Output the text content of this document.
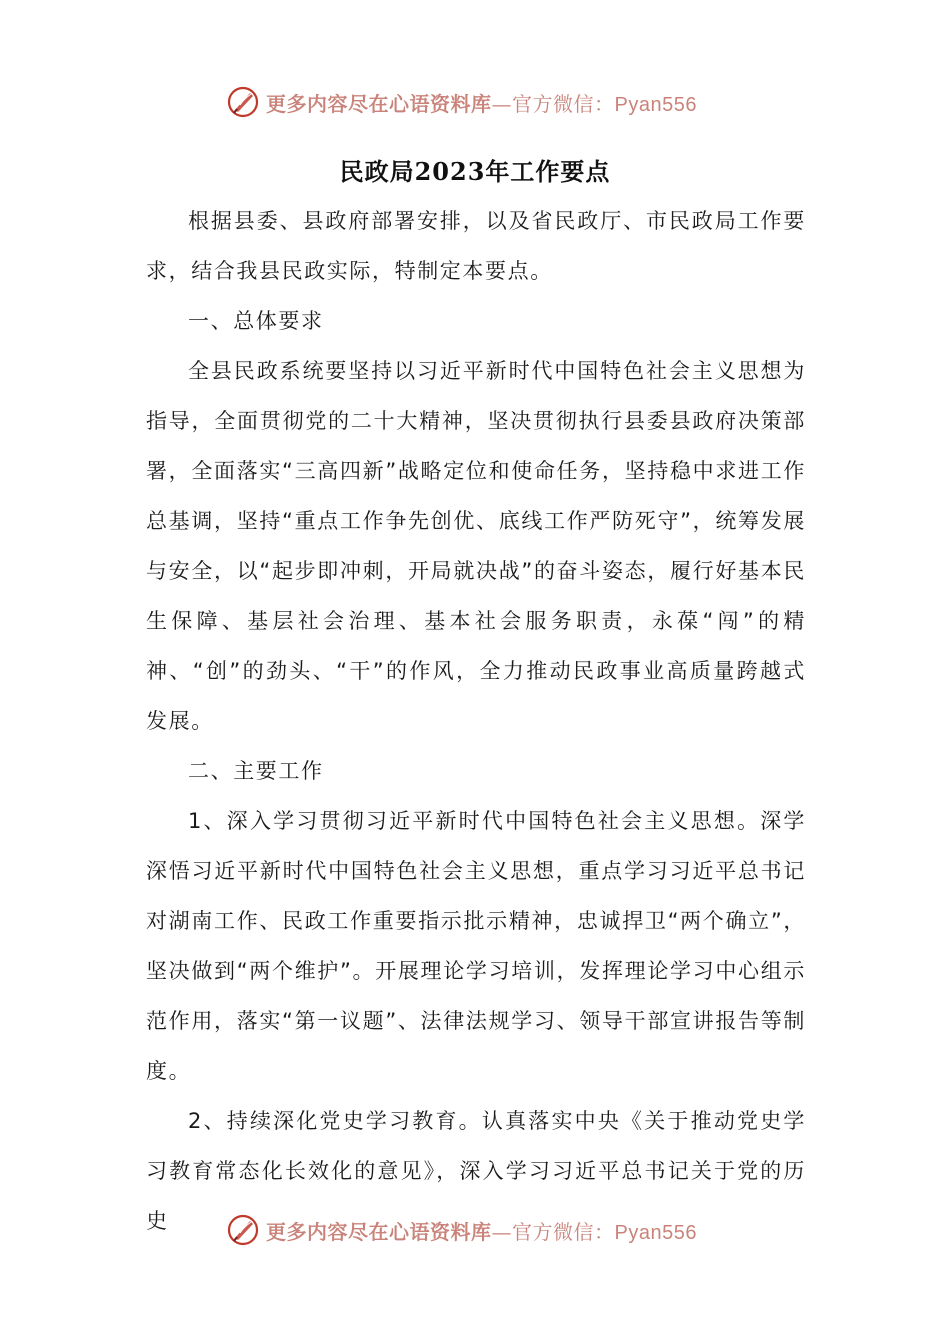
更多内容尽在心语资料库—官方微信：Pyan556
民政局2023年工作要点

根据县委、县政府部署安排，以及省民政厅、市民政局工作要求，结合我县民政实际，特制定本要点。

一、总体要求

全县民政系统要坚持以习近平新时代中国特色社会主义思想为指导，全面贯彻党的二十大精神，坚决贯彻执行县委县政府决策部署，全面落实“三高四新”战略定位和使命任务，坚持稳中求进工作总基调，坚持“重点工作争先创优、底线工作严防死守”，统筹发展与安全，以“起步即冲刺，开局就决战”的奋斗姿态，履行好基本民生保障、基层社会治理、基本社会服务职责，永葆“闯”的精神、“创”的劲头、“干”的作风，全力推动民政事业高质量跨越式发展。

二、主要工作

1、深入学习贯彻习近平新时代中国特色社会主义思想。深学深悟习近平新时代中国特色社会主义思想，重点学习习近平总书记对湖南工作、民政工作重要指示批示精神，忠诚捍卫“两个确立”，坚决做到“两个维护”。开展理论学习培训，发挥理论学习中心组示范作用，落实“第一议题”、法律法规学习、领导干部宣讲报告等制度。

2、持续深化党史学习教育。认真落实中央《关于推动党史学习教育常态化长效化的意见》，深入学习习近平总书记关于党的历史	更多内容尽在心语资料库—官方微信：Pyan556
